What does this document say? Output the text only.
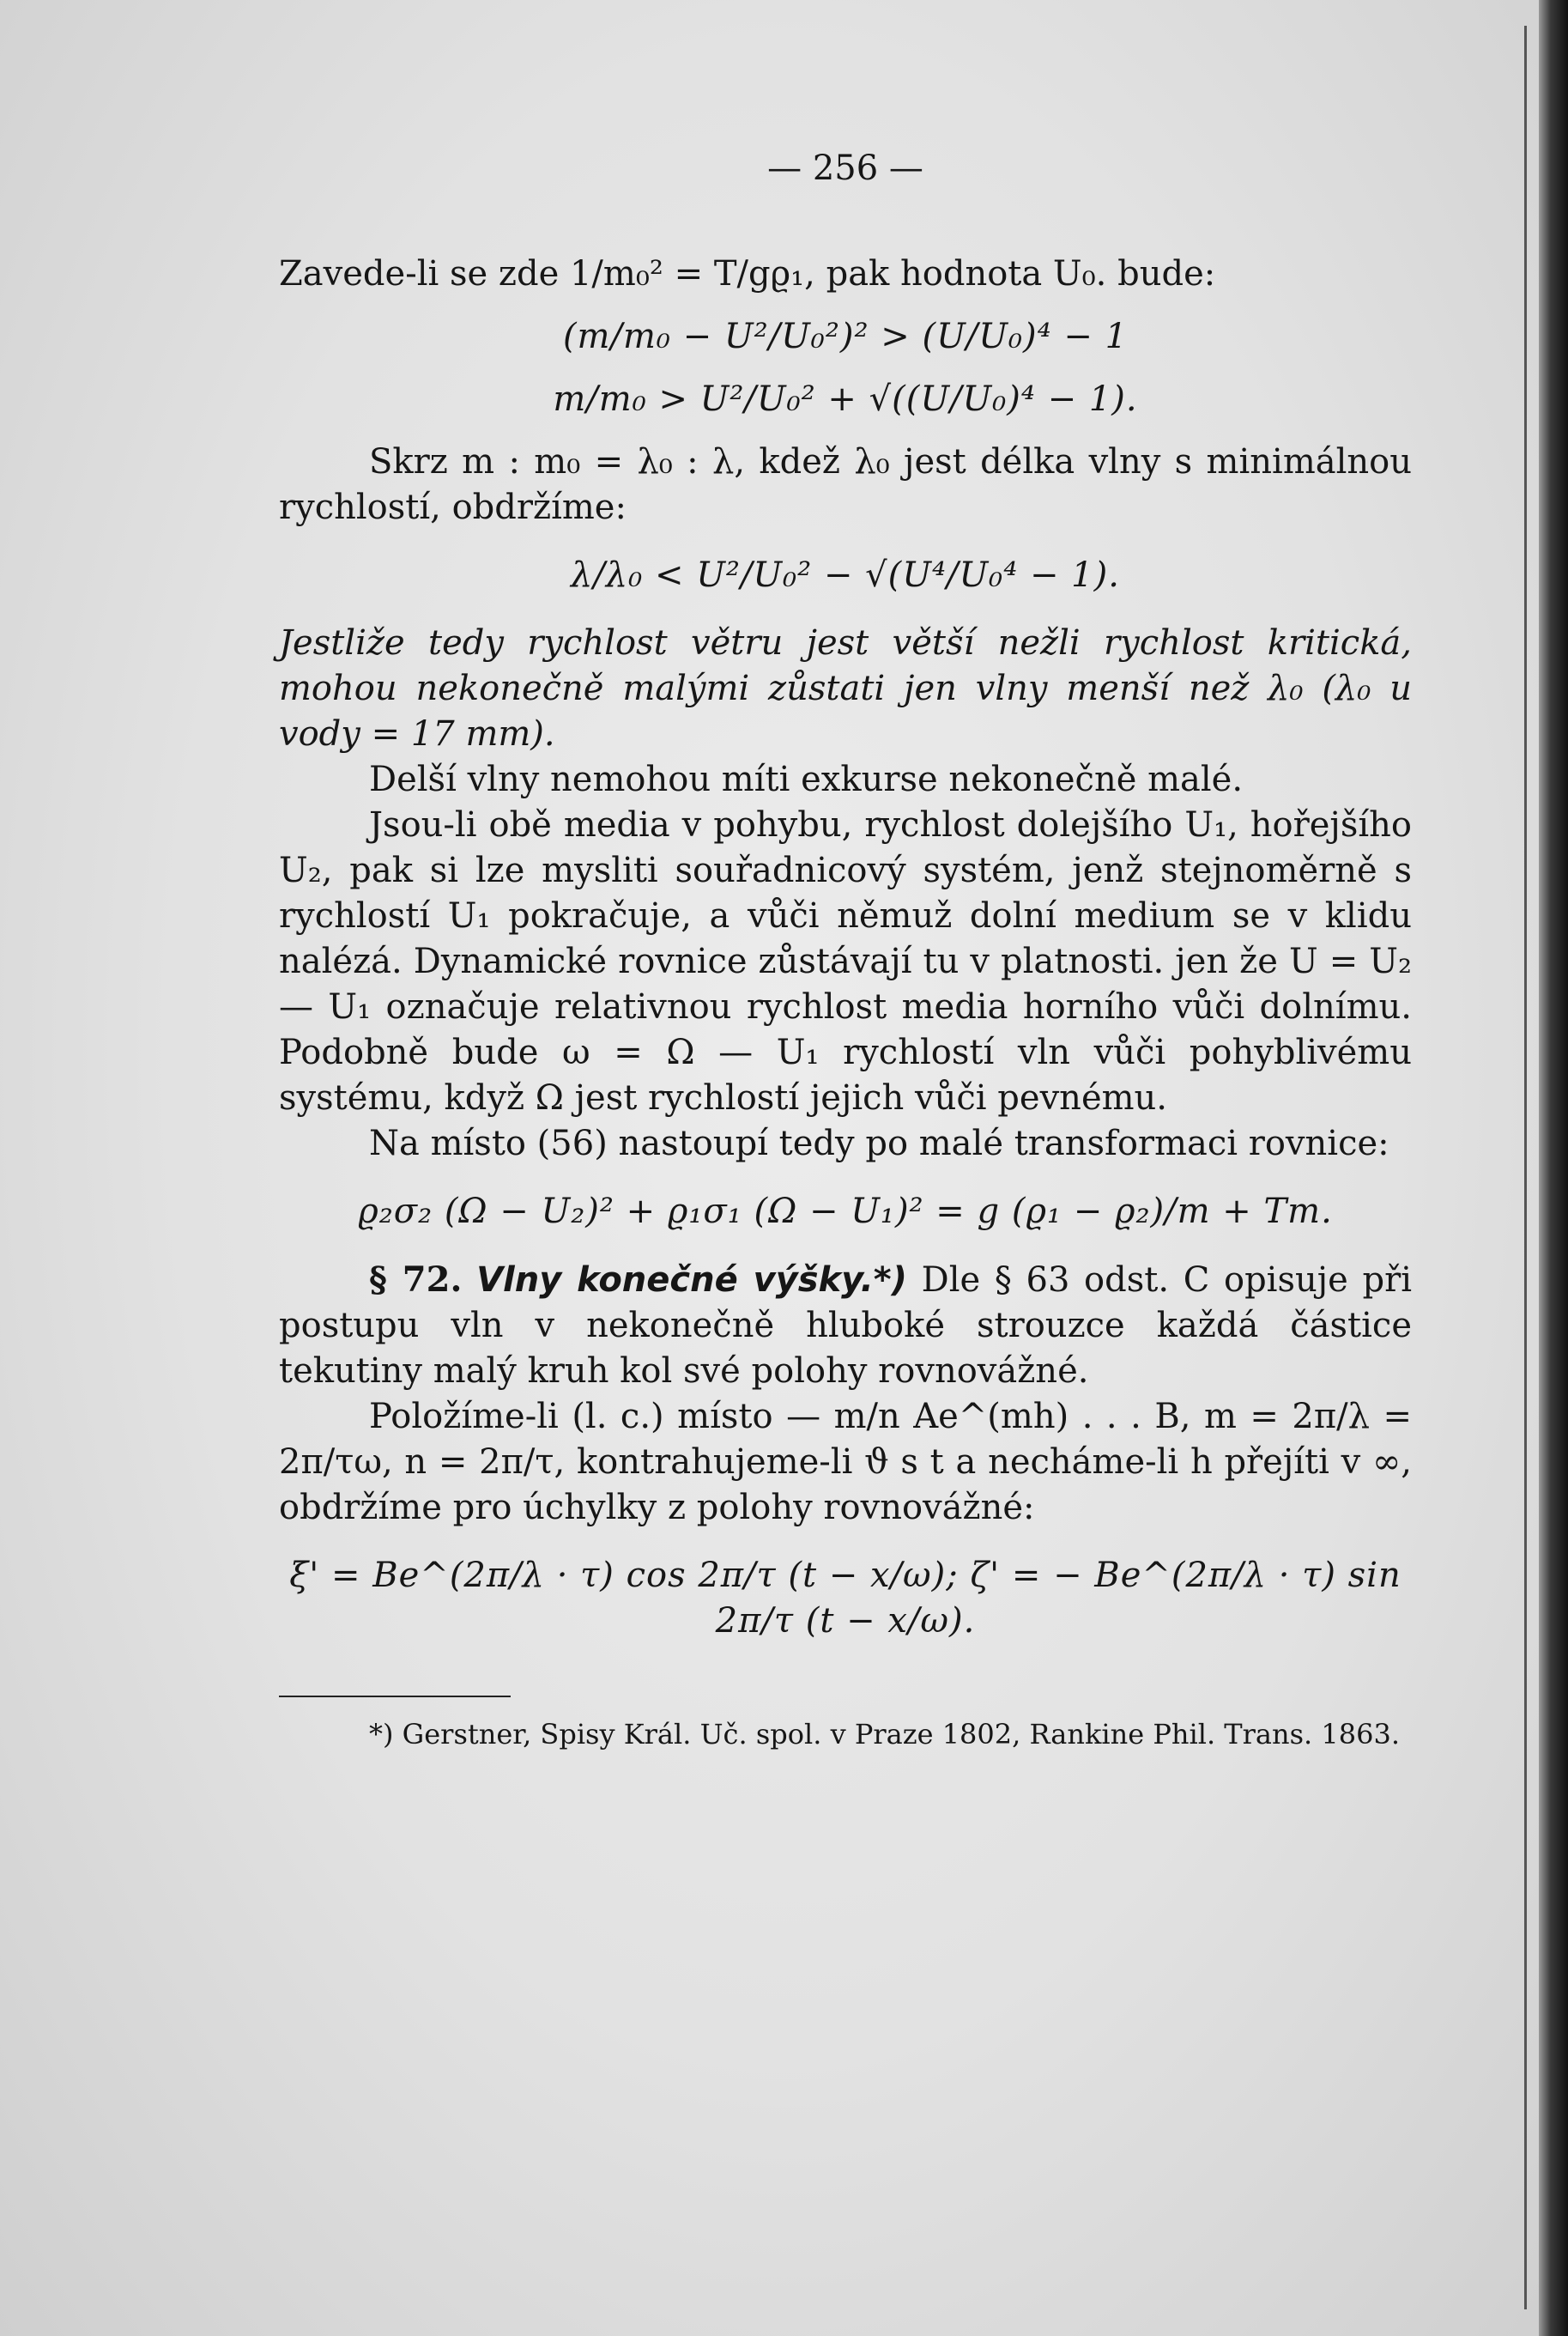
— 256 —

Zavede-li se zde 1/m₀² = T/gϱ₁, pak hodnota U₀. bude:

(m/m₀ − U²/U₀²)² > (U/U₀)⁴ − 1
m/m₀ > U²/U₀² + √((U/U₀)⁴ − 1).

Skrz m : m₀ = λ₀ : λ, kdež λ₀ jest délka vlny s minimálnou rychlostí, obdržíme:

λ/λ₀ < U²/U₀² − √(U⁴/U₀⁴ − 1).

Jestliže tedy rychlost větru jest větší nežli rychlost kritická, mohou nekonečně malými zůstati jen vlny menší než λ₀ (λ₀ u vody = 17 mm).

Delší vlny nemohou míti exkurse nekonečně malé.

Jsou-li obě media v pohybu, rychlost dolejšího U₁, hořejšího U₂, pak si lze mysliti souřadnicový systém, jenž stejnoměrně s rychlostí U₁ pokračuje, a vůči němuž dolní medium se v klidu nalézá. Dynamické rovnice zůstávají tu v platnosti. jen že U = U₂ — U₁ označuje relativnou rychlost media horního vůči dolnímu. Podobně bude ω = Ω — U₁ rychlostí vln vůči pohyblivému systému, když Ω jest rychlostí jejich vůči pevnému.

Na místo (56) nastoupí tedy po malé transformaci rovnice:

ϱ₂σ₂ (Ω − U₂)² + ϱ₁σ₁ (Ω − U₁)² = g (ϱ₁ − ϱ₂)/m + Tm.

§ 72. Vlny konečné výšky.*) Dle § 63 odst. C opisuje při postupu vln v nekonečně hluboké strouzce každá částice tekutiny malý kruh kol své polohy rovnovážné.

Položíme-li (l. c.) místo — m/n Ae^(mh) . . . B, m = 2π/λ = 2π/τω, n = 2π/τ, kontrahujeme-li ϑ s t a necháme-li h přejíti v ∞, obdržíme pro úchylky z polohy rovnovážné:

ξ' = Be^(2π/λ · τ) cos 2π/τ (t − x/ω); ζ' = − Be^(2π/λ · τ) sin 2π/τ (t − x/ω).

*) Gerstner, Spisy Král. Uč. spol. v Praze 1802, Rankine Phil. Trans. 1863.
